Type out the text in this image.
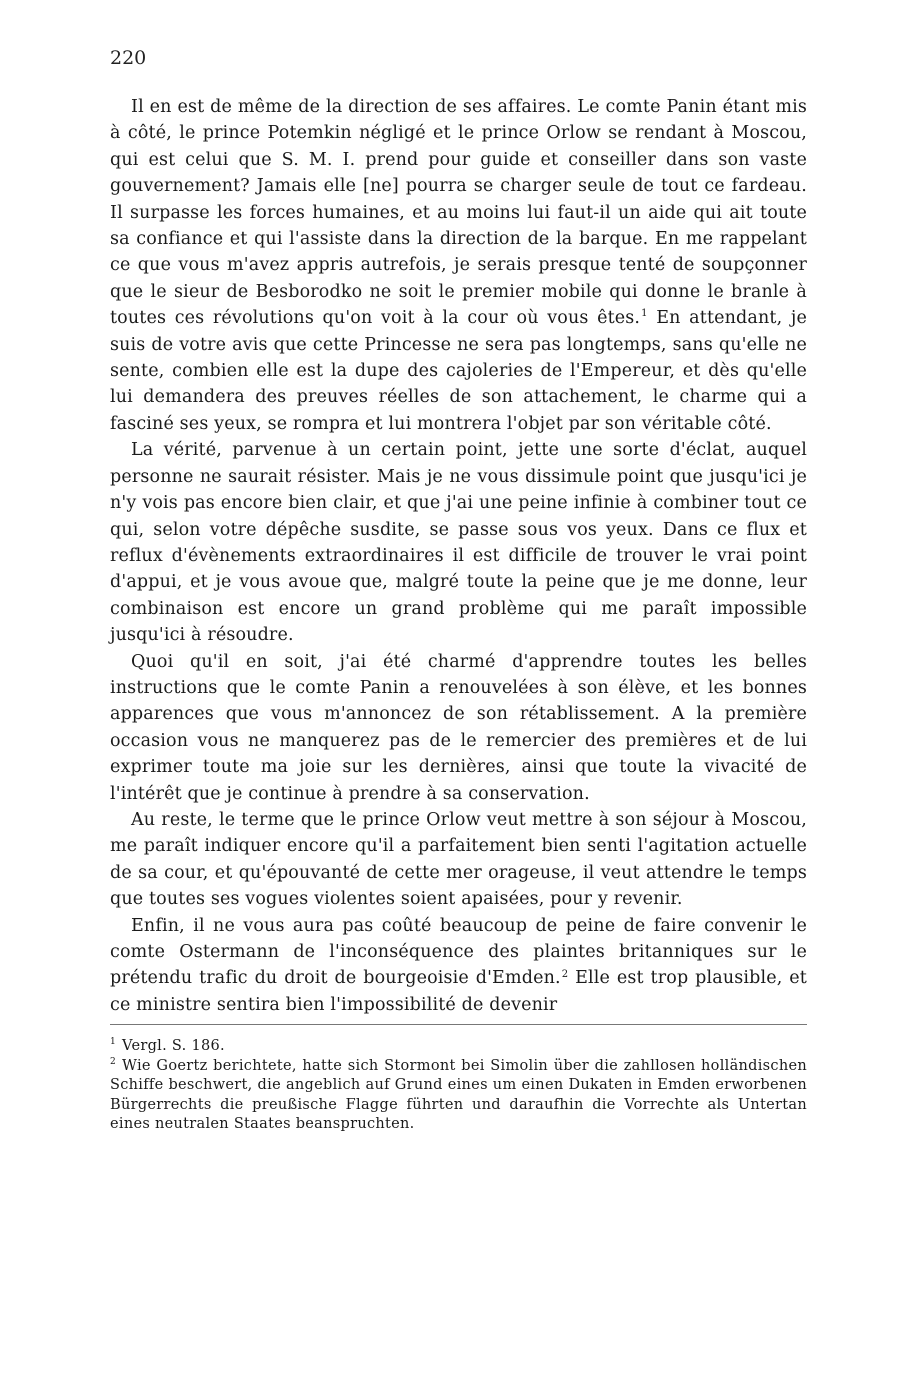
220

Il en est de même de la direction de ses affaires. Le comte Panin étant mis à côté, le prince Potemkin négligé et le prince Orlow se rendant à Moscou, qui est celui que S. M. I. prend pour guide et conseiller dans son vaste gouvernement? Jamais elle [ne] pourra se charger seule de tout ce fardeau. Il surpasse les forces humaines, et au moins lui faut-il un aide qui ait toute sa confiance et qui l'assiste dans la direction de la barque. En me rappelant ce que vous m'avez appris autrefois, je serais presque tenté de soupçonner que le sieur de Besborodko ne soit le premier mobile qui donne le branle à toutes ces révolutions qu'on voit à la cour où vous êtes.$^1$ En attendant, je suis de votre avis que cette Princesse ne sera pas longtemps, sans qu'elle ne sente, combien elle est la dupe des cajoleries de l'Empereur, et dès qu'elle lui demandera des preuves réelles de son attachement, le charme qui a fasciné ses yeux, se rompra et lui montrera l'objet par son véritable côté.

La vérité, parvenue à un certain point, jette une sorte d'éclat, auquel personne ne saurait résister. Mais je ne vous dissimule point que jusqu'ici je n'y vois pas encore bien clair, et que j'ai une peine infinie à combiner tout ce qui, selon votre dépêche susdite, se passe sous vos yeux. Dans ce flux et reflux d'évènements extraordinaires il est difficile de trouver le vrai point d'appui, et je vous avoue que, malgré toute la peine que je me donne, leur combinaison est encore un grand problème qui me paraît impossible jusqu'ici à résoudre.

Quoi qu'il en soit, j'ai été charmé d'apprendre toutes les belles instructions que le comte Panin a renouvelées à son élève, et les bonnes apparences que vous m'annoncez de son rétablissement. A la première occasion vous ne manquerez pas de le remercier des premières et de lui exprimer toute ma joie sur les dernières, ainsi que toute la vivacité de l'intérêt que je continue à prendre à sa conservation.

Au reste, le terme que le prince Orlow veut mettre à son séjour à Moscou, me paraît indiquer encore qu'il a parfaitement bien senti l'agitation actuelle de sa cour, et qu'épouvanté de cette mer orageuse, il veut attendre le temps que toutes ses vogues violentes soient apaisées, pour y revenir.

Enfin, il ne vous aura pas coûté beaucoup de peine de faire convenir le comte Ostermann de l'inconséquence des plaintes britanniques sur le prétendu trafic du droit de bourgeoisie d'Emden.$^2$ Elle est trop plausible, et ce ministre sentira bien l'impossibilité de devenir

$^1$ Vergl. S. 186.

$^2$ Wie Goertz berichtete, hatte sich Stormont bei Simolin über die zahllosen holländischen Schiffe beschwert, die angeblich auf Grund eines um einen Dukaten in Emden erworbenen Bürgerrechts die preußische Flagge führten und daraufhin die Vorrechte als Untertan eines neutralen Staates beanspruchten.
